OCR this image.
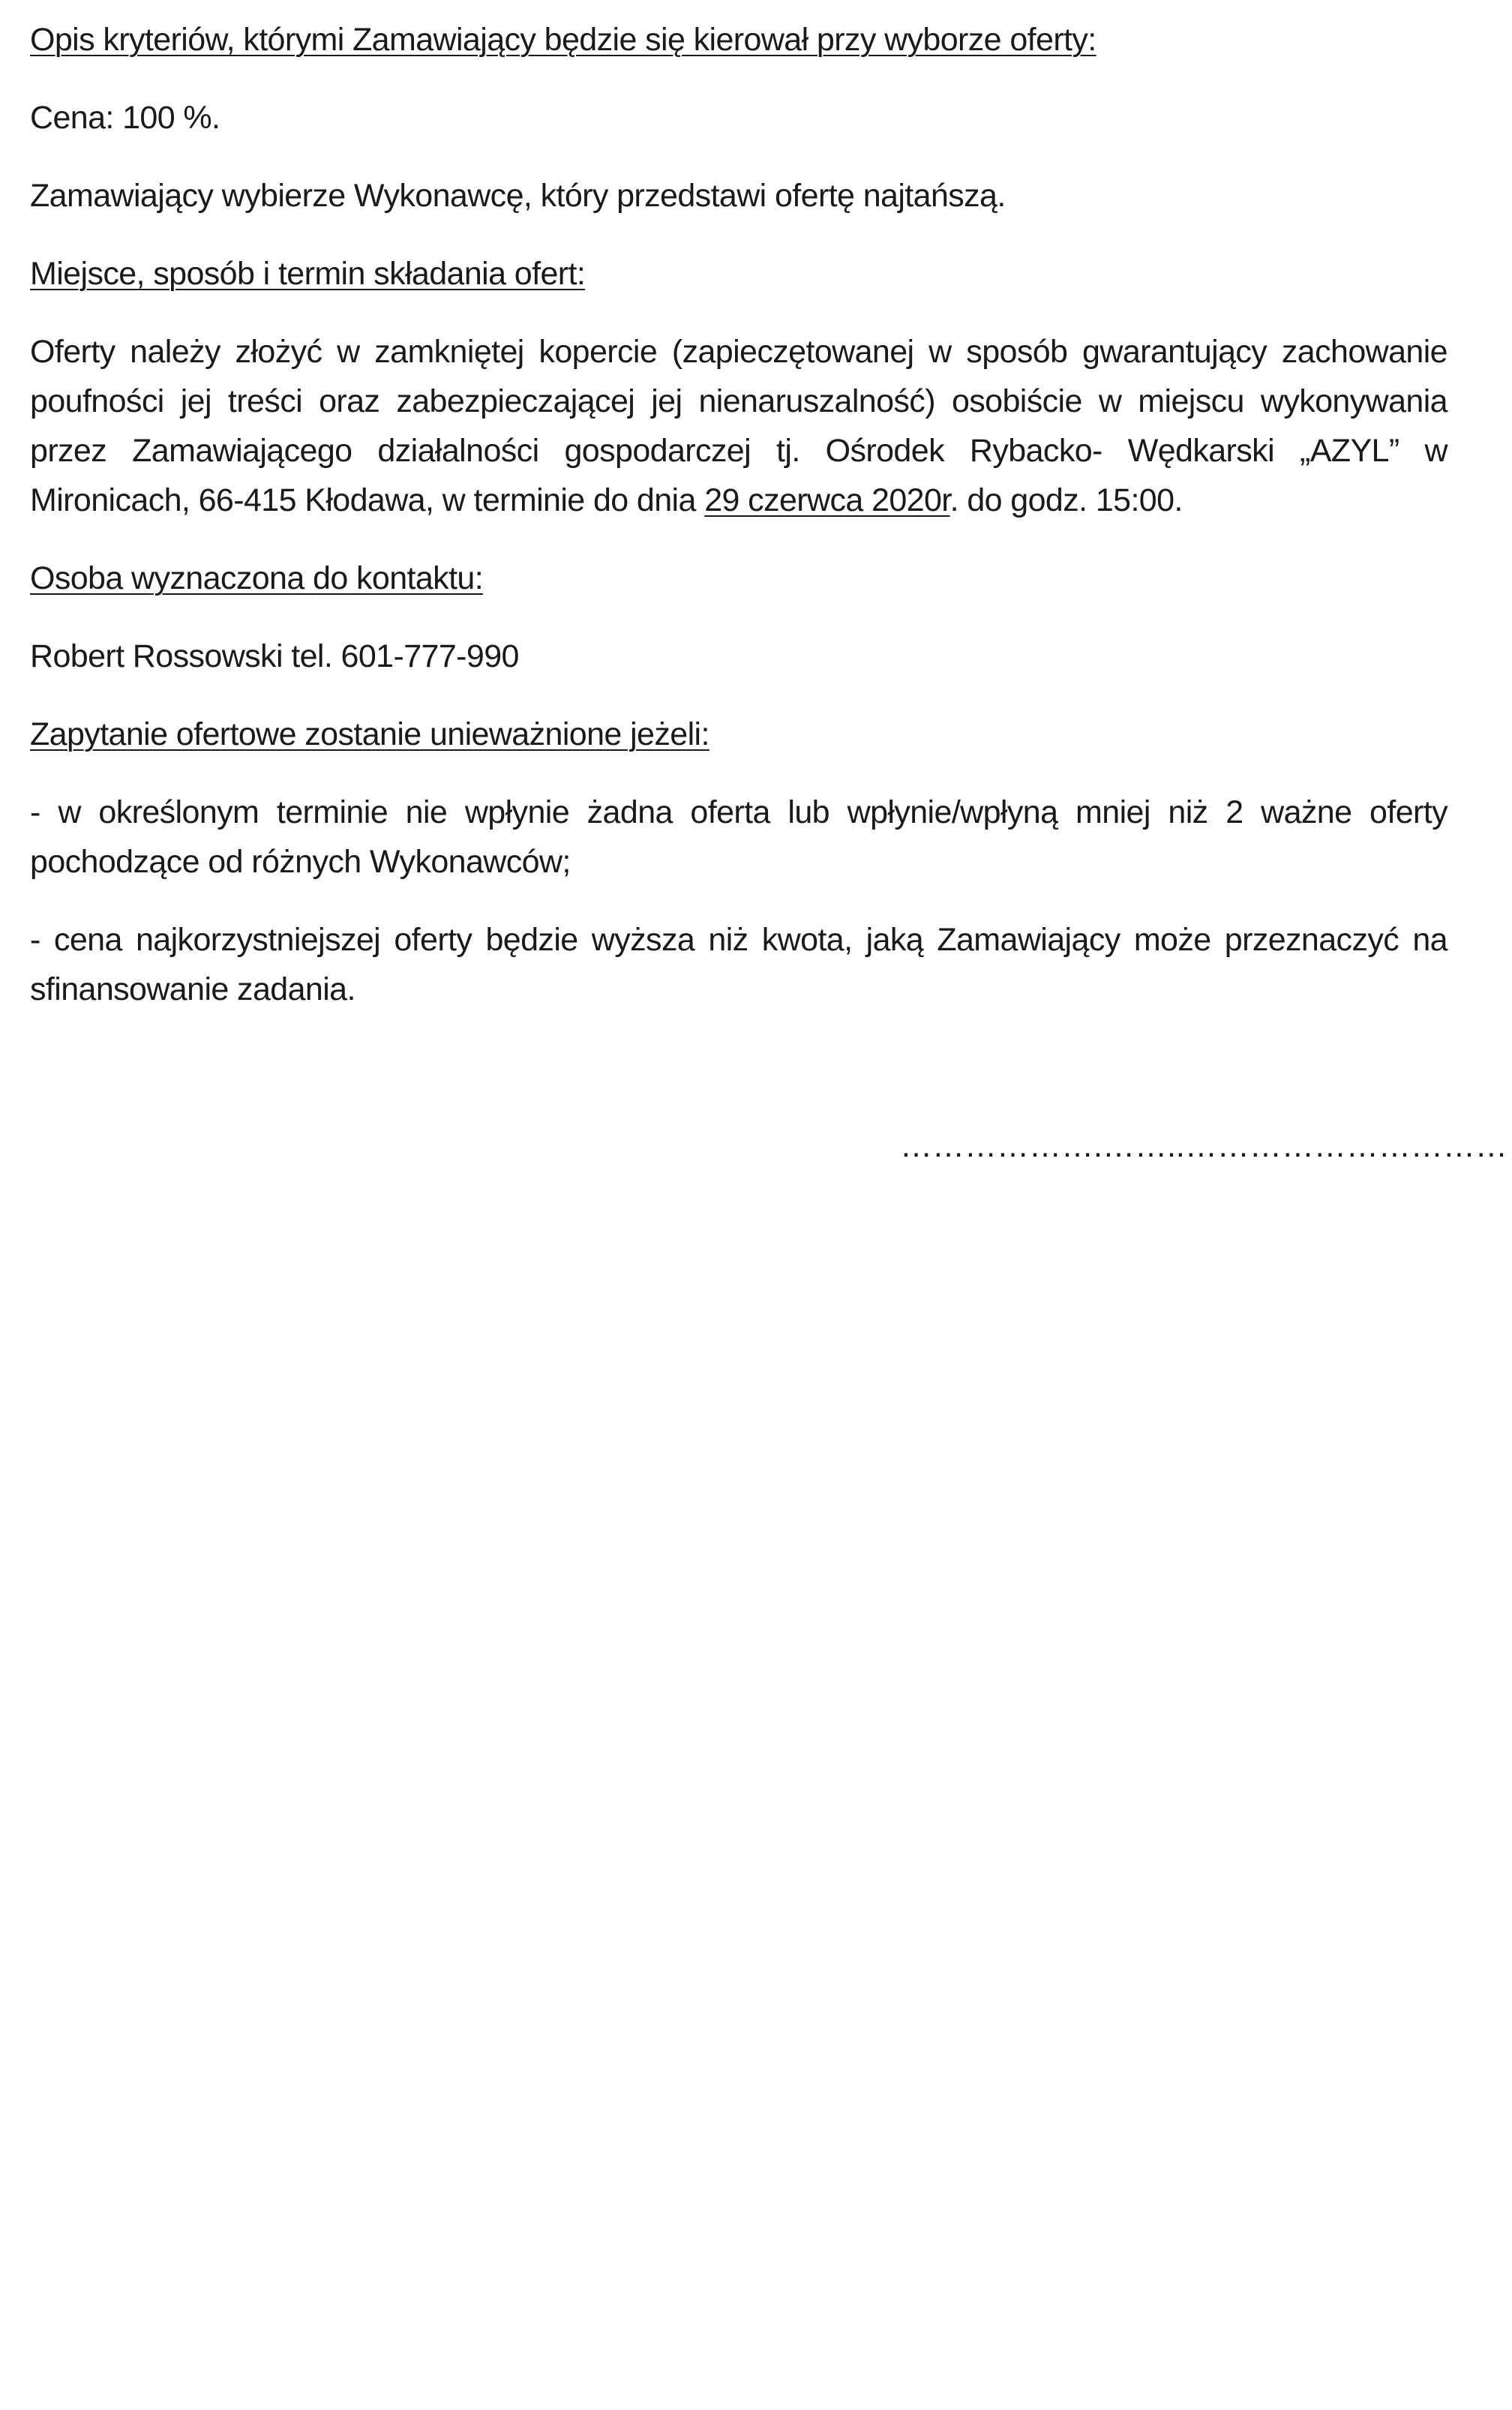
Opis kryteriów, którymi Zamawiający będzie się kierował przy wyborze oferty:

Cena: 100 %.

Zamawiający wybierze Wykonawcę, który przedstawi ofertę najtańszą.

Miejsce, sposób i termin składania ofert:

Oferty należy złożyć w zamkniętej kopercie (zapieczętowanej w sposób gwarantujący zachowanie poufności jej treści oraz zabezpieczającej jej nienaruszalność) osobiście w miejscu wykonywania przez Zamawiającego działalności gospodarczej tj. Ośrodek Rybacko- Wędkarski „AZYL” w Mironicach, 66-415 Kłodawa, w terminie do dnia 29 czerwca 2020r. do godz. 15:00.

Osoba wyznaczona do kontaktu:

Robert Rossowski tel. 601-777-990

Zapytanie ofertowe zostanie unieważnione jeżeli:

- w określonym terminie nie wpłynie żadna oferta lub wpłynie/wpłyną mniej niż 2 ważne oferty pochodzące od różnych Wykonawców;

- cena najkorzystniejszej oferty będzie wyższa niż kwota, jaką Zamawiający może przeznaczyć na sfinansowanie zadania.

……………….……..…………………………
